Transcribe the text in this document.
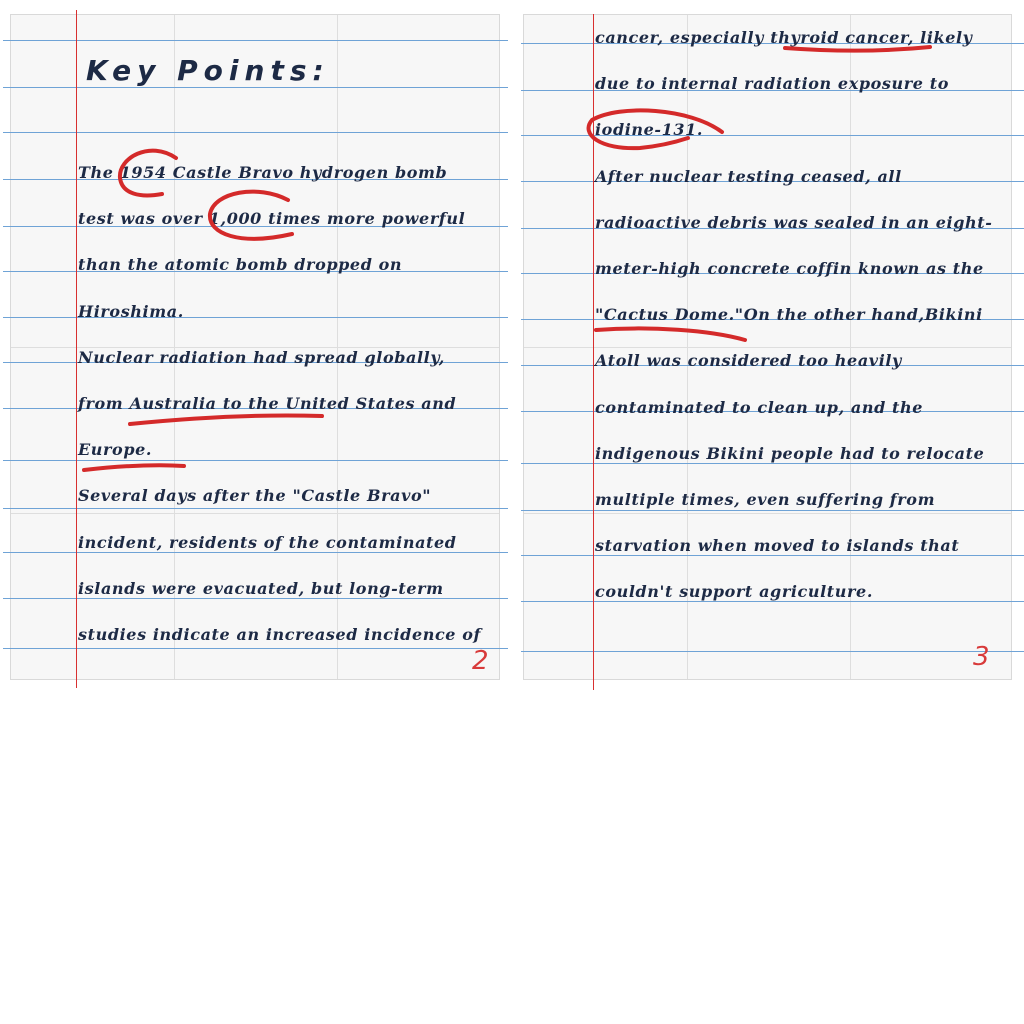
Key Points:
The 1954 Castle Bravo hydrogen bomb
test was over 1,000 times more powerful
than the atomic bomb dropped on
Hiroshima.
Nuclear radiation had spread globally,
from Australia to the United States and
Europe.
Several days after the "Castle Bravo"
incident, residents of the contaminated
islands were evacuated, but long-term
studies indicate an increased incidence of
cancer, especially thyroid cancer, likely
due to internal radiation exposure to
iodine-131.
After nuclear testing ceased, all
radioactive debris was sealed in an eight-
meter-high concrete coffin known as the
"Cactus Dome."On the other hand,Bikini
Atoll was considered too heavily
contaminated to clean up, and the
indigenous Bikini people had to relocate
multiple times, even suffering from
starvation when moved to islands that
couldn't support agriculture.
2	3
